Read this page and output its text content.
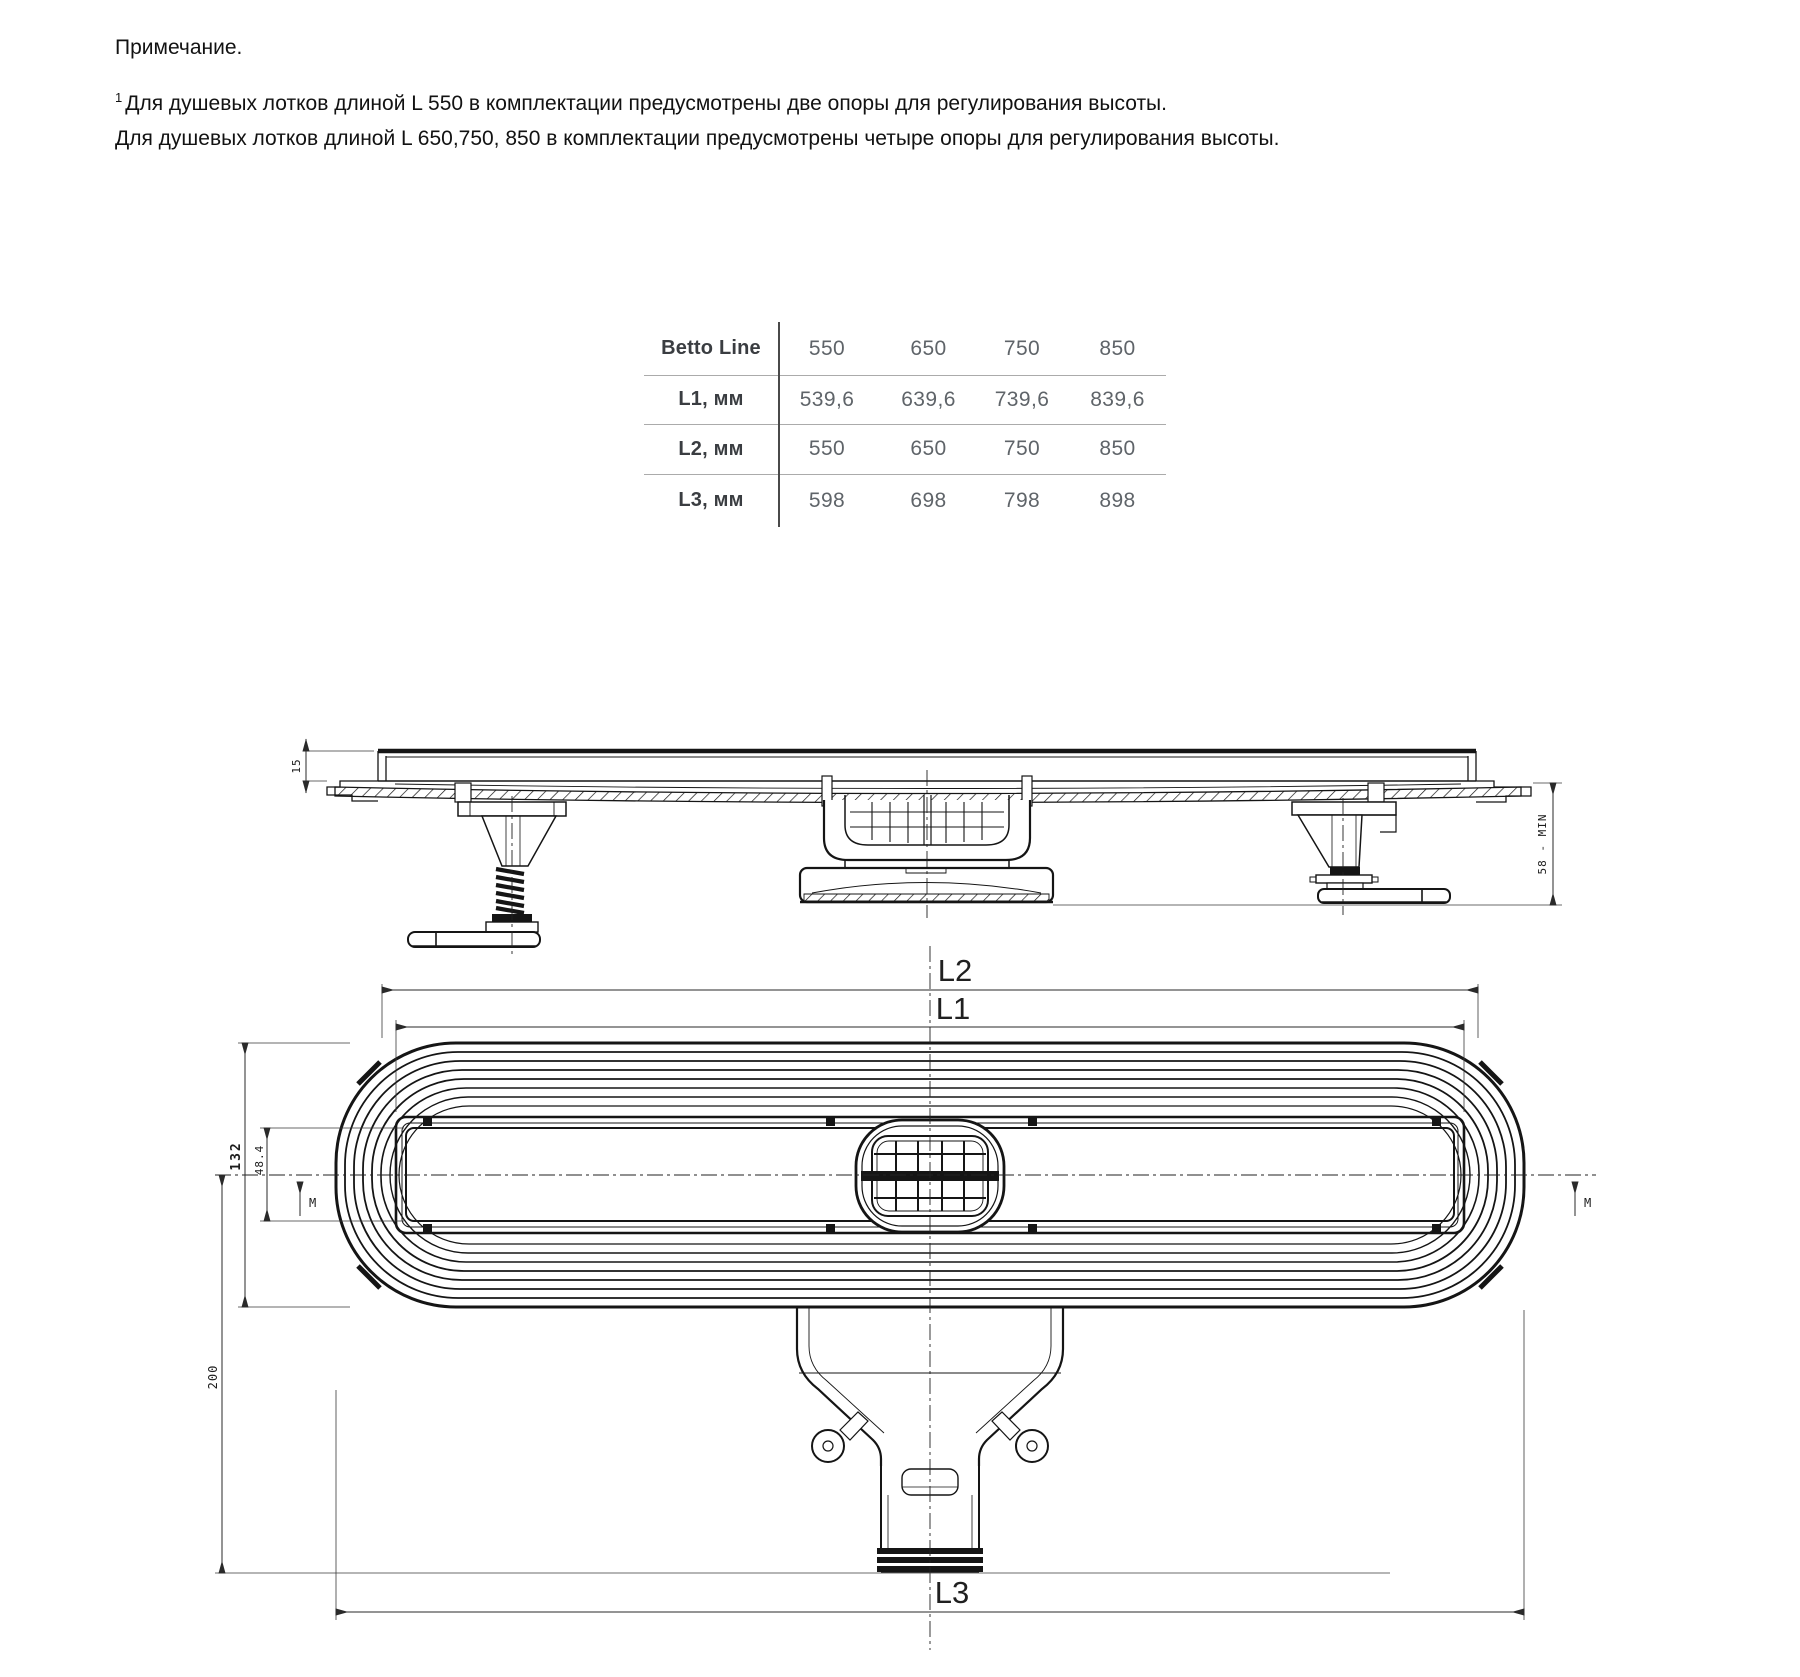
Примечание.

$^1$ Для душевых лотков длиной L 550 в комплектации предусмотрены две опоры для регулирования высоты.

Для душевых лотков длиной L 650,750, 850 в комплектации предусмотрены четыре опоры для регулирования высоты.

Betto Line	550	650	750	850
L1, мм	539,6	639,6	739,6	839,6
L2, мм	550	650	750	850
L3, мм	598	698	798	898
15
58 - MIN
L2
L1
132 48.4
200
M	M
L3
